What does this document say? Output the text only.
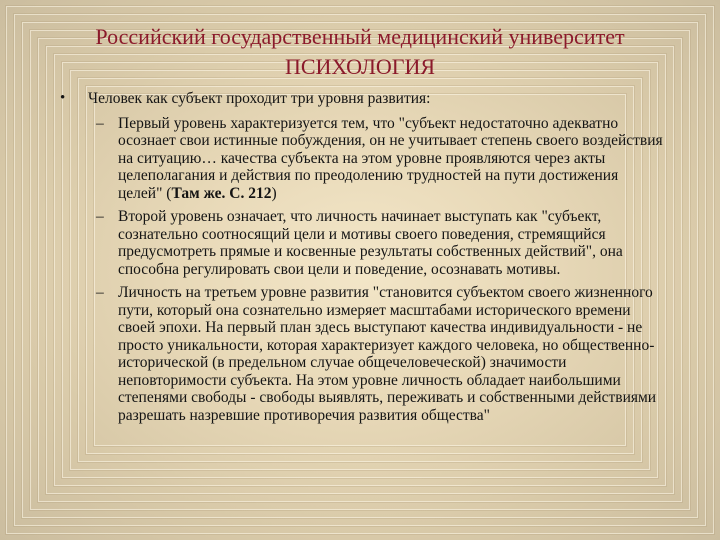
Российский государственный медицинский университет
ПСИХОЛОГИЯ
• Человек как субъект проходит три уровня развития:
– Первый уровень характеризуется тем, что "субъект недостаточно адекватно осознает свои истинные побуждения, он не учитывает степень своего воздействия на ситуацию… качества субъекта на этом уровне проявляются через акты целеполагания и действия по преодолению трудностей на пути достижения целей" (Там же. С. 212)
– Второй уровень означает, что личность начинает выступать как "субъект, сознательно соотносящий цели и мотивы своего поведения, стремящийся предусмотреть прямые и косвенные результаты собственных действий", она способна регулировать свои цели и поведение, осознавать мотивы.
– Личность на третьем уровне развития "становится субъектом своего жизненного пути, который она сознательно измеряет масштабами исторического времени своей эпохи. На первый план здесь выступают качества индивидуальности - не просто уникальности, которая характеризует каждого человека, но общественно-исторической (в предельном случае общечеловеческой) значимости неповторимости субъекта. На этом уровне личность обладает наибольшими степенями свободы - свободы выявлять, переживать и собственными действиями разрешать назревшие противоречия развития общества"
